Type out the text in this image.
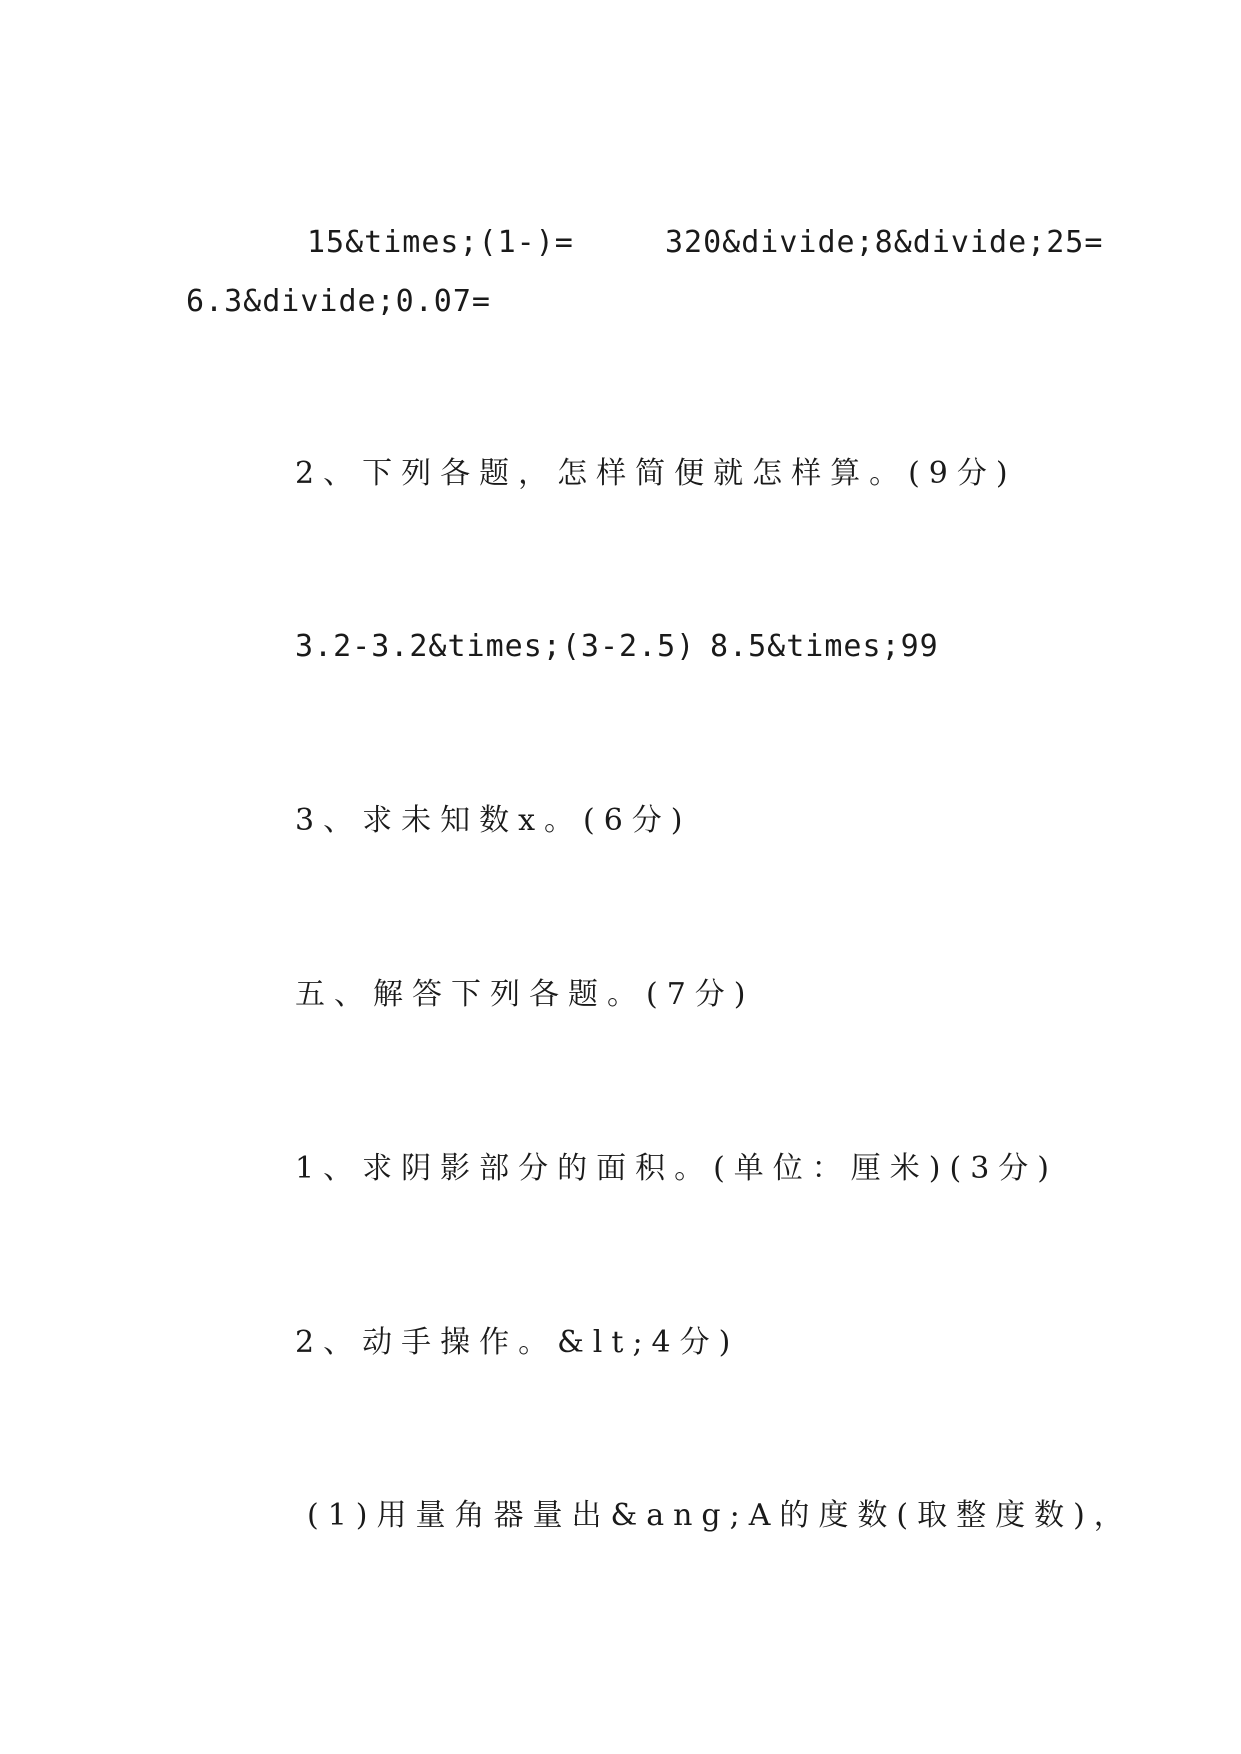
15&times;(1-)=	320&divide;8&divide;25=
6.3&divide;0.07=
2、下列各题，怎样简便就怎样算。(9分)
3.2-3.2&times;(3-2.5) 8.5&times;99
3、求未知数x。(6分)
五、解答下列各题。(7分)
1、求阴影部分的面积。(单位：厘米)(3分)
2、动手操作。&lt;4分)
(1)用量角器量出&ang;A的度数(取整度数)，
